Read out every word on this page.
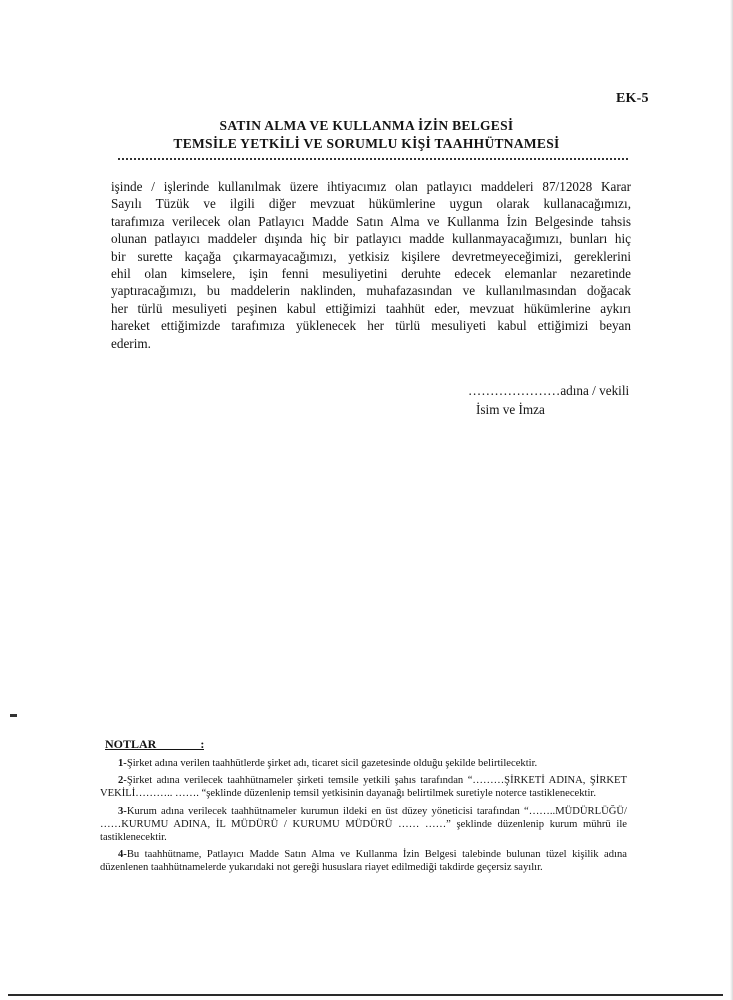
EK-5
SATIN ALMA VE KULLANMA İZİN BELGESİ
TEMSİLE YETKİLİ VE SORUMLU KİŞİ TAAHHÜTNAMESİ
işinde / işlerinde kullanılmak üzere ihtiyacımız olan patlayıcı maddeleri 87/12028 Karar
Sayılı Tüzük ve ilgili diğer mevzuat hükümlerine uygun olarak kullanacağımızı,
tarafımıza verilecek olan Patlayıcı Madde Satın Alma ve Kullanma İzin Belgesinde tahsis
olunan patlayıcı maddeler dışında hiç bir patlayıcı madde kullanmayacağımızı, bunları hiç
bir surette kaçağa çıkarmayacağımızı, yetkisiz kişilere devretmeyeceğimizi, gereklerini
ehil olan kimselere, işin fenni mesuliyetini deruhte edecek elemanlar nezaretinde
yaptıracağımızı, bu maddelerin naklinden, muhafazasından ve kullanılmasından doğacak
her türlü mesuliyeti peşinen kabul ettiğimizi taahhüt eder, mevzuat hükümlerine aykırı
hareket ettiğimizde tarafımıza yüklenecek her türlü mesuliyeti kabul ettiğimizi beyan
ederim.
…………………adına / vekili
İsim ve İmza
NOTLAR	:
1-Şirket adına verilen taahhütlerde şirket adı, ticaret sicil gazetesinde olduğu şekilde belirtilecektir.
2-Şirket adına verilecek taahhütnameler şirketi temsile yetkili şahıs tarafından “………ŞİRKETİ ADINA, ŞİRKET VEKİLİ……….. ……. “şeklinde düzenlenip temsil yetkisinin dayanağı belirtilmek suretiyle noterce tastiklenecektir.
3-Kurum adına verilecek taahhütnameler kurumun ildeki en üst düzey yöneticisi tarafından “……..MÜDÜRLÜĞÜ/ ……KURUMU ADINA, İL MÜDÜRÜ / KURUMU MÜDÜRÜ …… ……” şeklinde düzenlenip kurum mührü ile tastiklenecektir.
4-Bu taahhütname, Patlayıcı Madde Satın Alma ve Kullanma İzin Belgesi talebinde bulunan tüzel kişilik adına düzenlenen taahhütnamelerde yukarıdaki not gereği hususlara riayet edilmediği takdirde geçersiz sayılır.
